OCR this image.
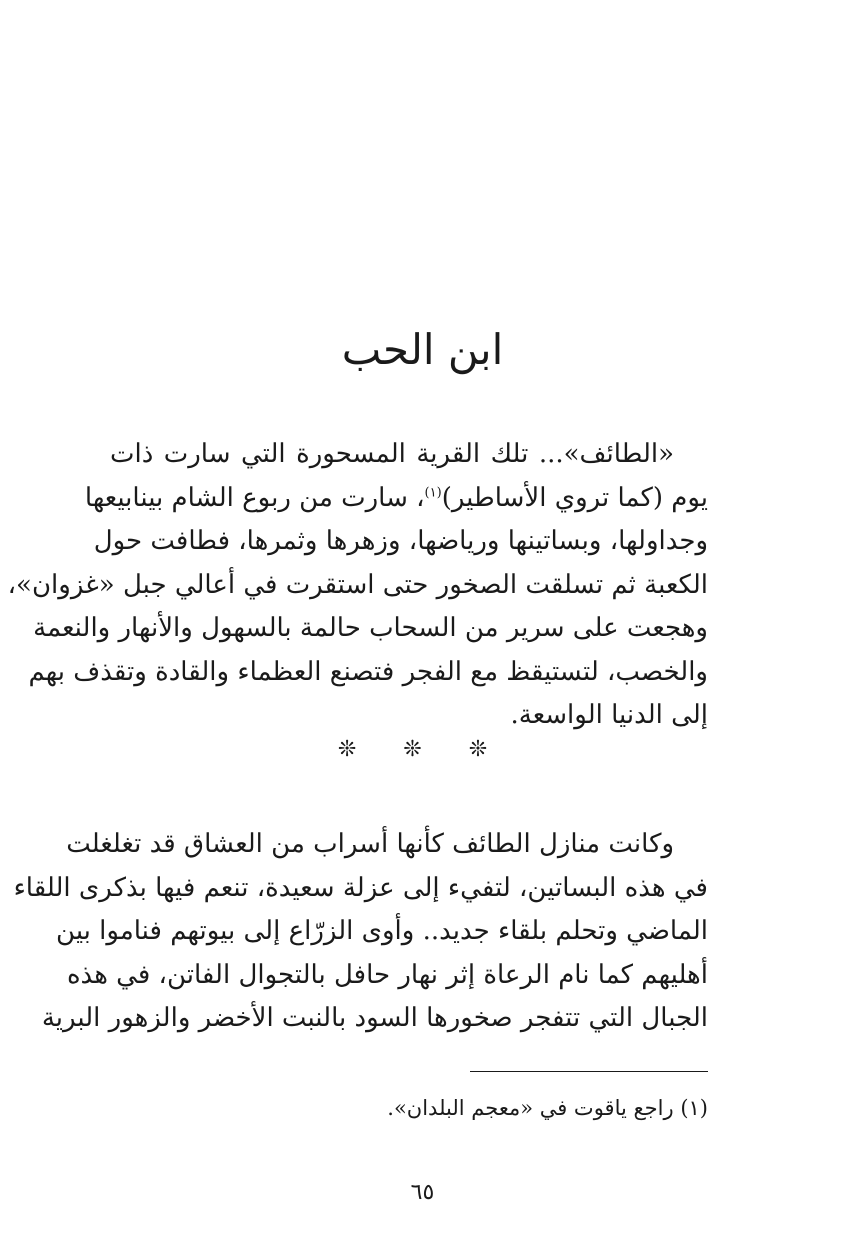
ابن الحب
«الطائف»... تلك القرية المسحورة التي سارت ذات
يوم (كما تروي الأساطير)$^{(١)}$، سارت من ربوع الشام بينابيعها
وجداولها، وبساتينها ورياضها، وزهرها وثمرها، فطافت حول
الكعبة ثم تسلقت الصخور حتى استقرت في أعالي جبل «غزوان»،
وهجعت على سرير من السحاب حالمة بالسهول والأنهار والنعمة
والخصب، لتستيقظ مع الفجر فتصنع العظماء والقادة وتقذف بهم
إلى الدنيا الواسعة.
❊ ❊ ❊
وكانت منازل الطائف كأنها أسراب من العشاق قد تغلغلت
في هذه البساتين، لتفيء إلى عزلة سعيدة، تنعم فيها بذكرى اللقاء
الماضي وتحلم بلقاء جديد.. وأوى الزرّاع إلى بيوتهم فناموا بين
أهليهم كما نام الرعاة إثر نهار حافل بالتجوال الفاتن، في هذه
الجبال التي تتفجر صخورها السود بالنبت الأخضر والزهور البرية
(١) راجع ياقوت في «معجم البلدان».
٦٥
